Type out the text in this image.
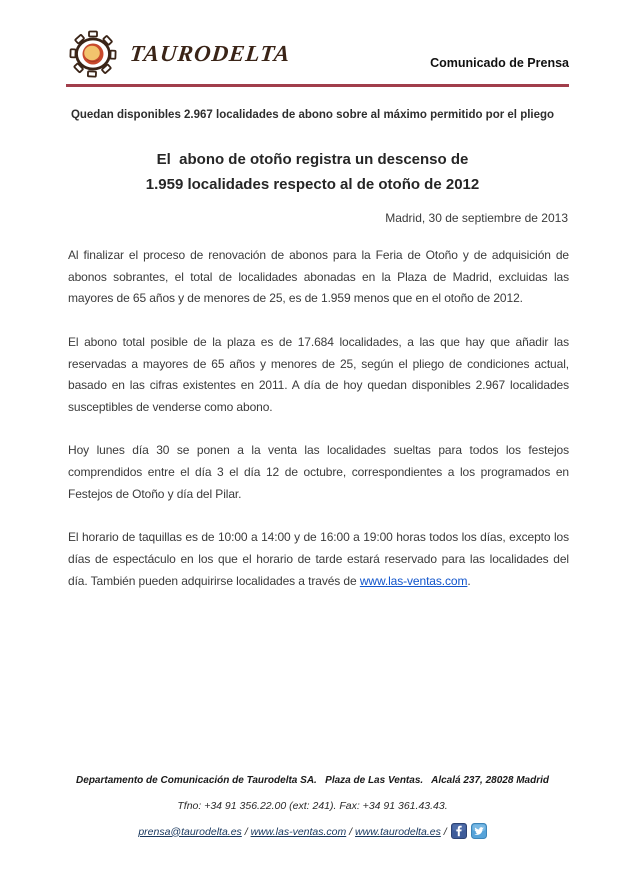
TAURODELTA	Comunicado de Prensa

Quedan disponibles 2.967 localidades de abono sobre al máximo permitido por el pliego

El  abono de otoño registra un descenso de
1.959 localidades respecto al de otoño de 2012
Madrid, 30 de septiembre de 2013

Al finalizar el proceso de renovación de abonos para la Feria de Otoño y de adquisición de abonos sobrantes, el total de localidades abonadas en la Plaza de Madrid, excluidas las mayores de 65 años y de menores de 25, es de 1.959 menos que en el otoño de 2012.

El abono total posible de la plaza es de 17.684 localidades, a las que hay que añadir las reservadas a mayores de 65 años y menores de 25, según el pliego de condiciones actual, basado en las cifras existentes en 2011. A día de hoy quedan disponibles 2.967 localidades susceptibles de venderse como abono.

Hoy lunes día 30 se ponen a la venta las localidades sueltas para todos los festejos comprendidos entre el día 3 el día 12 de octubre, correspondientes a los programados en Festejos de Otoño y día del Pilar.

El horario de taquillas es de 10:00 a 14:00 y de 16:00 a 19:00 horas todos los días, excepto los días de espectáculo en los que el horario de tarde estará reservado para las localidades del día. También pueden adquirirse localidades a través de www.las-ventas.com.

Departamento de Comunicación de Taurodelta SA.   Plaza de Las Ventas.   Alcalá 237, 28028 Madrid

Tfno: +34 91 356.22.00 (ext: 241). Fax: +34 91 361.43.43.

prensa@taurodelta.es / www.las-ventas.com / www.taurodelta.es /
